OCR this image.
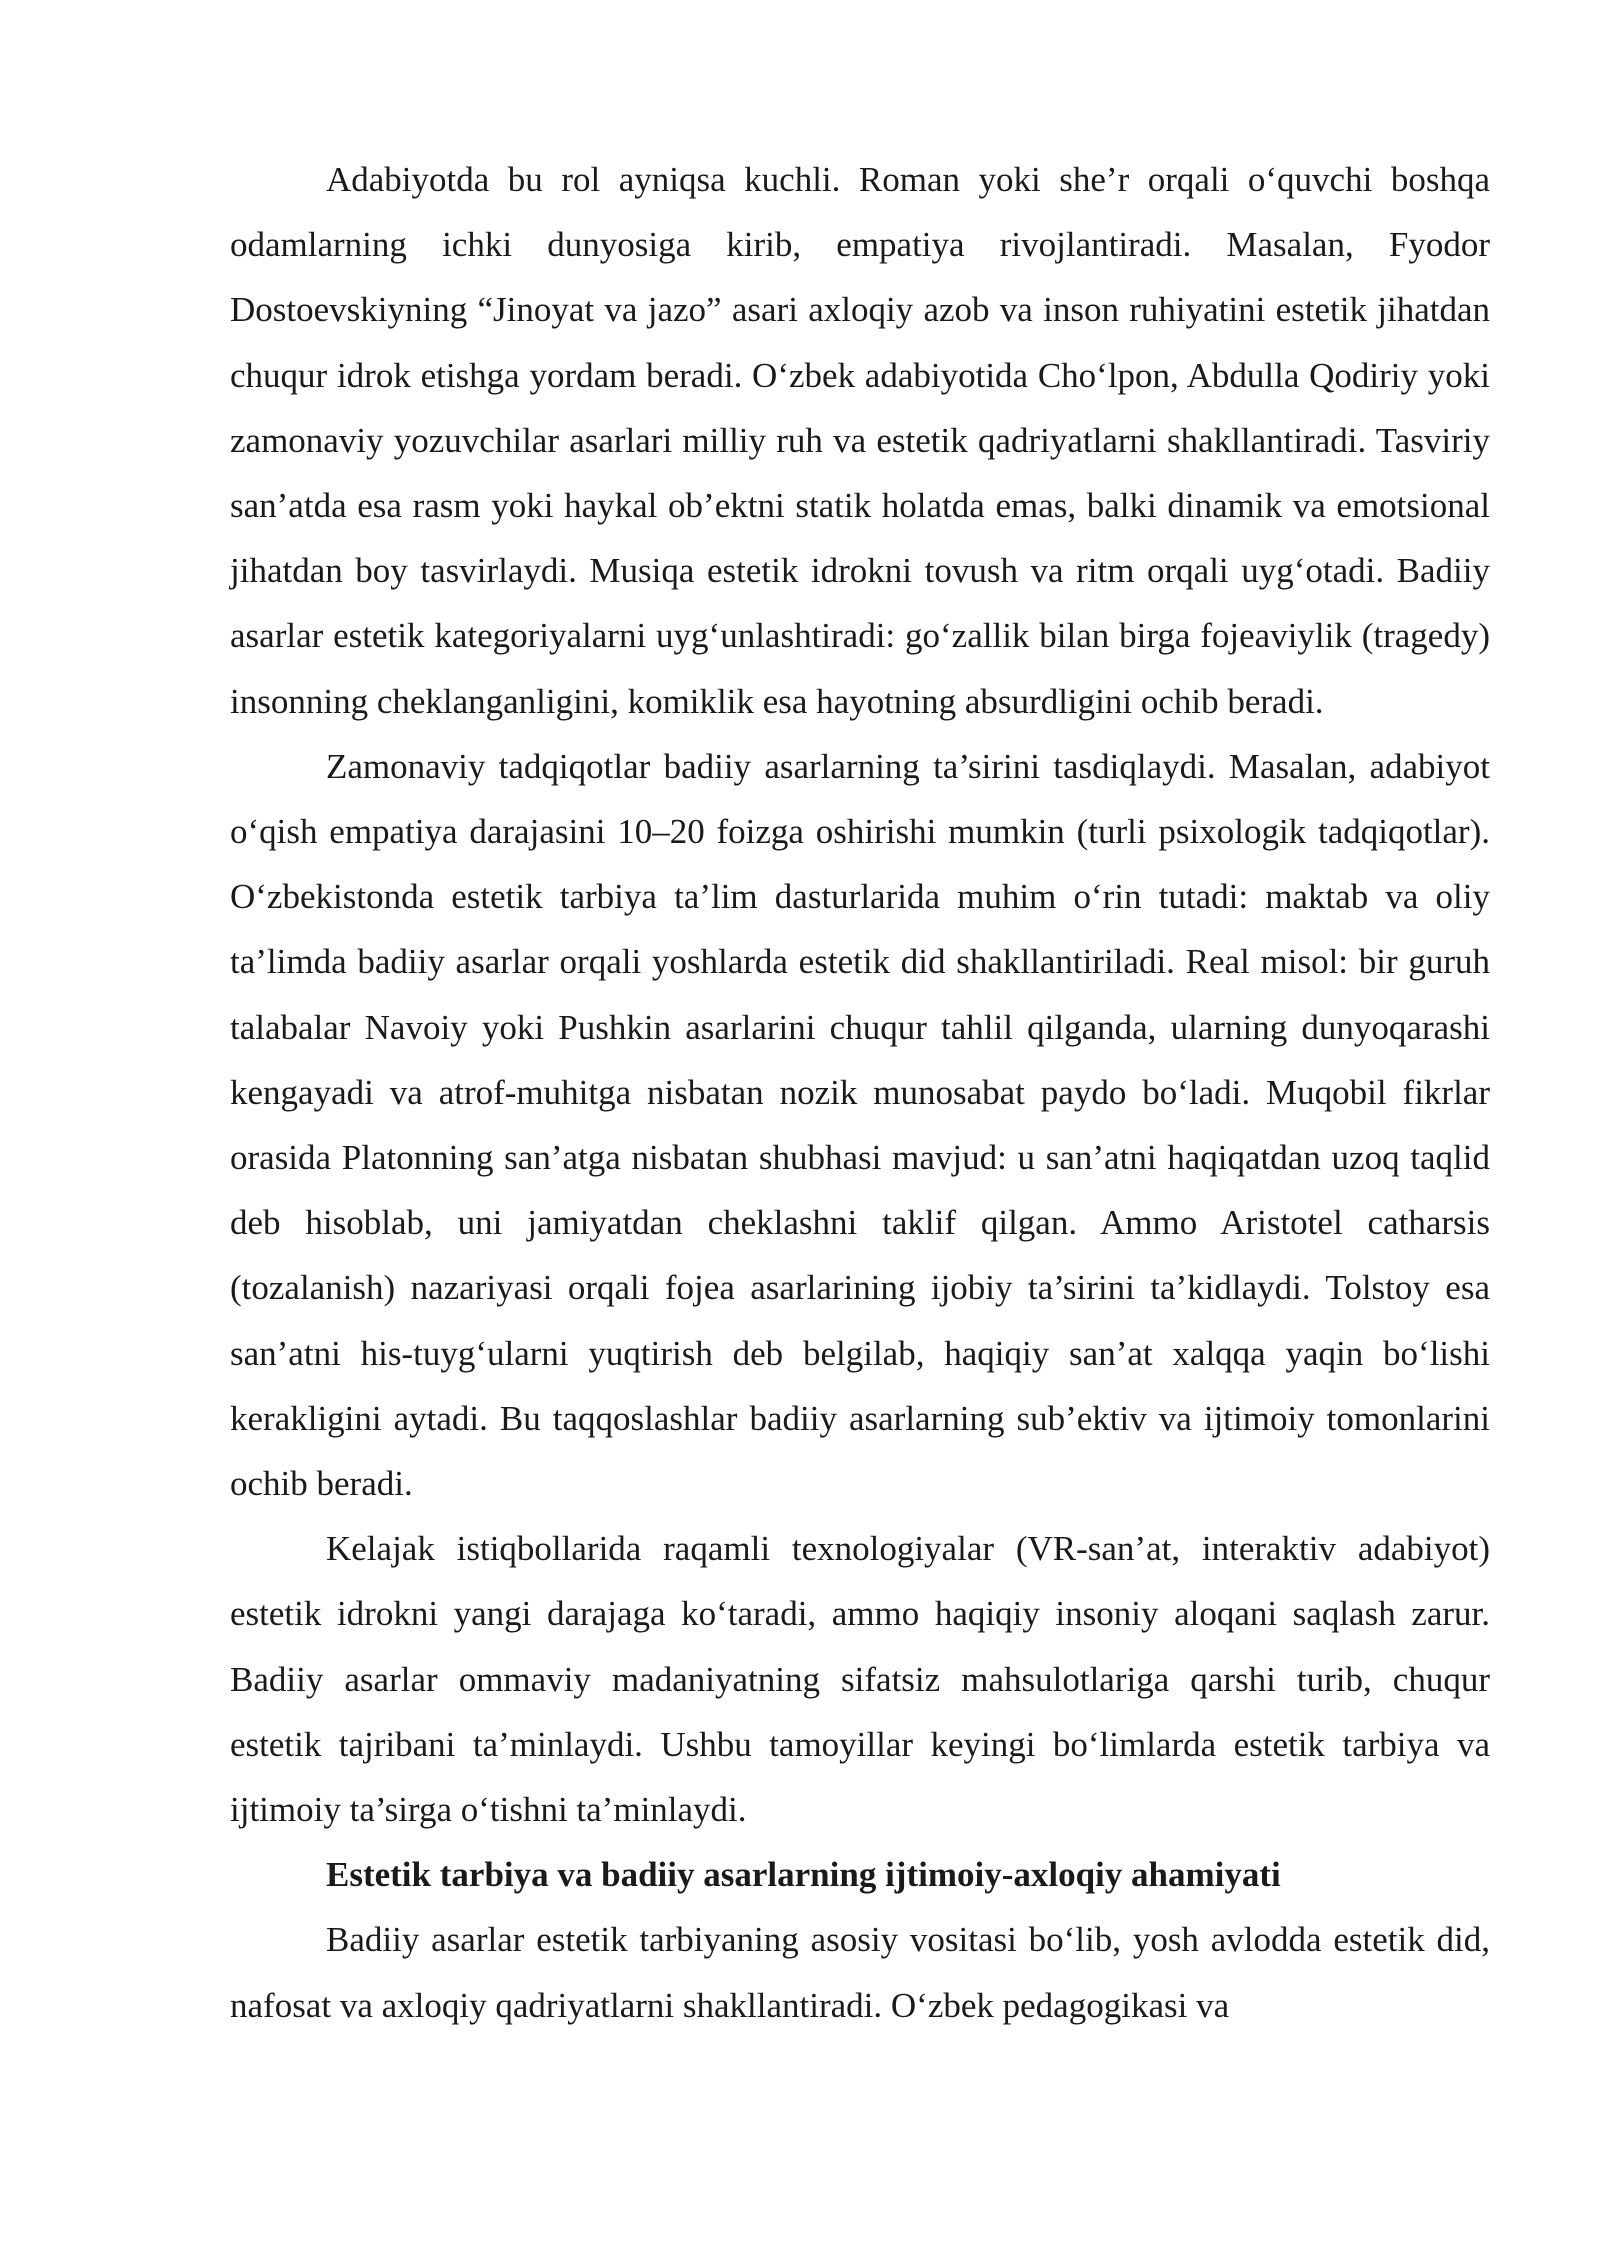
Adabiyotda bu rol ayniqsa kuchli. Roman yoki she’r orqali o‘quvchi boshqa odamlarning ichki dunyosiga kirib, empatiya rivojlantiradi. Masalan, Fyodor Dostoevskiyning “Jinoyat va jazo” asari axloqiy azob va inson ruhiyatini estetik jihatdan chuqur idrok etishga yordam beradi. O‘zbek adabiyotida Cho‘lpon, Abdulla Qodiriy yoki zamonaviy yozuvchilar asarlari milliy ruh va estetik qadriyatlarni shakllantiradi. Tasviriy san’atda esa rasm yoki haykal ob’ektni statik holatda emas, balki dinamik va emotsional jihatdan boy tasvirlaydi. Musiqa estetik idrokni tovush va ritm orqali uyg‘otadi. Badiiy asarlar estetik kategoriyalarni uyg‘unlashtiradi: go‘zallik bilan birga fojeaviylik (tragedy) insonning cheklanganligini, komiklik esa hayotning absurdligini ochib beradi.

Zamonaviy tadqiqotlar badiiy asarlarning ta’sirini tasdiqlaydi. Masalan, adabiyot o‘qish empatiya darajasini 10–20 foizga oshirishi mumkin (turli psixologik tadqiqotlar). O‘zbekistonda estetik tarbiya ta’lim dasturlarida muhim o‘rin tutadi: maktab va oliy ta’limda badiiy asarlar orqali yoshlarda estetik did shakllantiriladi. Real misol: bir guruh talabalar Navoiy yoki Pushkin asarlarini chuqur tahlil qilganda, ularning dunyoqarashi kengayadi va atrof-muhitga nisbatan nozik munosabat paydo bo‘ladi. Muqobil fikrlar orasida Platonning san’atga nisbatan shubhasi mavjud: u san’atni haqiqatdan uzoq taqlid deb hisoblab, uni jamiyatdan cheklashni taklif qilgan. Ammo Aristotel catharsis (tozalanish) nazariyasi orqali fojea asarlarining ijobiy ta’sirini ta’kidlaydi. Tolstoy esa san’atni his-tuyg‘ularni yuqtirish deb belgilab, haqiqiy san’at xalqqa yaqin bo‘lishi kerakligini aytadi. Bu taqqoslashlar badiiy asarlarning sub’ektiv va ijtimoiy tomonlarini ochib beradi.

Kelajak istiqbollarida raqamli texnologiyalar (VR-san’at, interaktiv adabiyot) estetik idrokni yangi darajaga ko‘taradi, ammo haqiqiy insoniy aloqani saqlash zarur. Badiiy asarlar ommaviy madaniyatning sifatsiz mahsulotlariga qarshi turib, chuqur estetik tajribani ta’minlaydi. Ushbu tamoyillar keyingi bo‘limlarda estetik tarbiya va ijtimoiy ta’sirga o‘tishni ta’minlaydi.

Estetik tarbiya va badiiy asarlarning ijtimoiy-axloqiy ahamiyati

Badiiy asarlar estetik tarbiyaning asosiy vositasi bo‘lib, yosh avlodda estetik did, nafosat va axloqiy qadriyatlarni shakllantiradi. O‘zbek pedagogikasi va
